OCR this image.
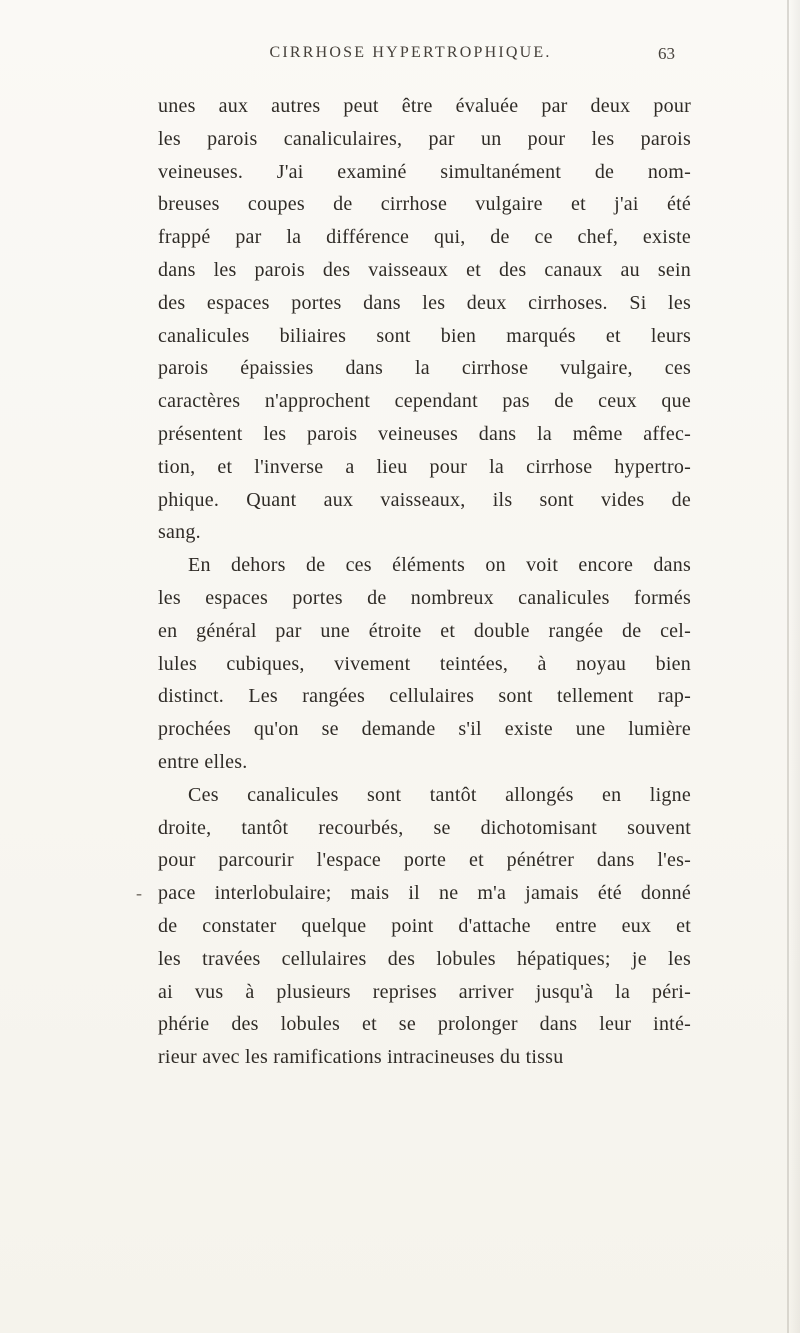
CIRRHOSE HYPERTROPHIQUE.	63
unes aux autres peut être évaluée par deux pour
les parois canaliculaires, par un pour les parois
veineuses. J'ai examiné simultanément de nom-
breuses coupes de cirrhose vulgaire et j'ai été
frappé par la différence qui, de ce chef, existe
dans les parois des vaisseaux et des canaux au sein
des espaces portes dans les deux cirrhoses. Si les
canalicules biliaires sont bien marqués et leurs
parois épaissies dans la cirrhose vulgaire, ces
caractères n'approchent cependant pas de ceux que
présentent les parois veineuses dans la même affec-
tion, et l'inverse a lieu pour la cirrhose hypertro-
phique. Quant aux vaisseaux, ils sont vides de
sang.
En dehors de ces éléments on voit encore dans
les espaces portes de nombreux canalicules formés
en général par une étroite et double rangée de cel-
lules cubiques, vivement teintées, à noyau bien
distinct. Les rangées cellulaires sont tellement rap-
prochées qu'on se demande s'il existe une lumière
entre elles.
Ces canalicules sont tantôt allongés en ligne
droite, tantôt recourbés, se dichotomisant souvent
pour parcourir l'espace porte et pénétrer dans l'es-
pace interlobulaire; mais il ne m'a jamais été donné
-
de constater quelque point d'attache entre eux et
les travées cellulaires des lobules hépatiques; je les
ai vus à plusieurs reprises arriver jusqu'à la péri-
phérie des lobules et se prolonger dans leur inté-
rieur avec les ramifications intracineuses du tissu
